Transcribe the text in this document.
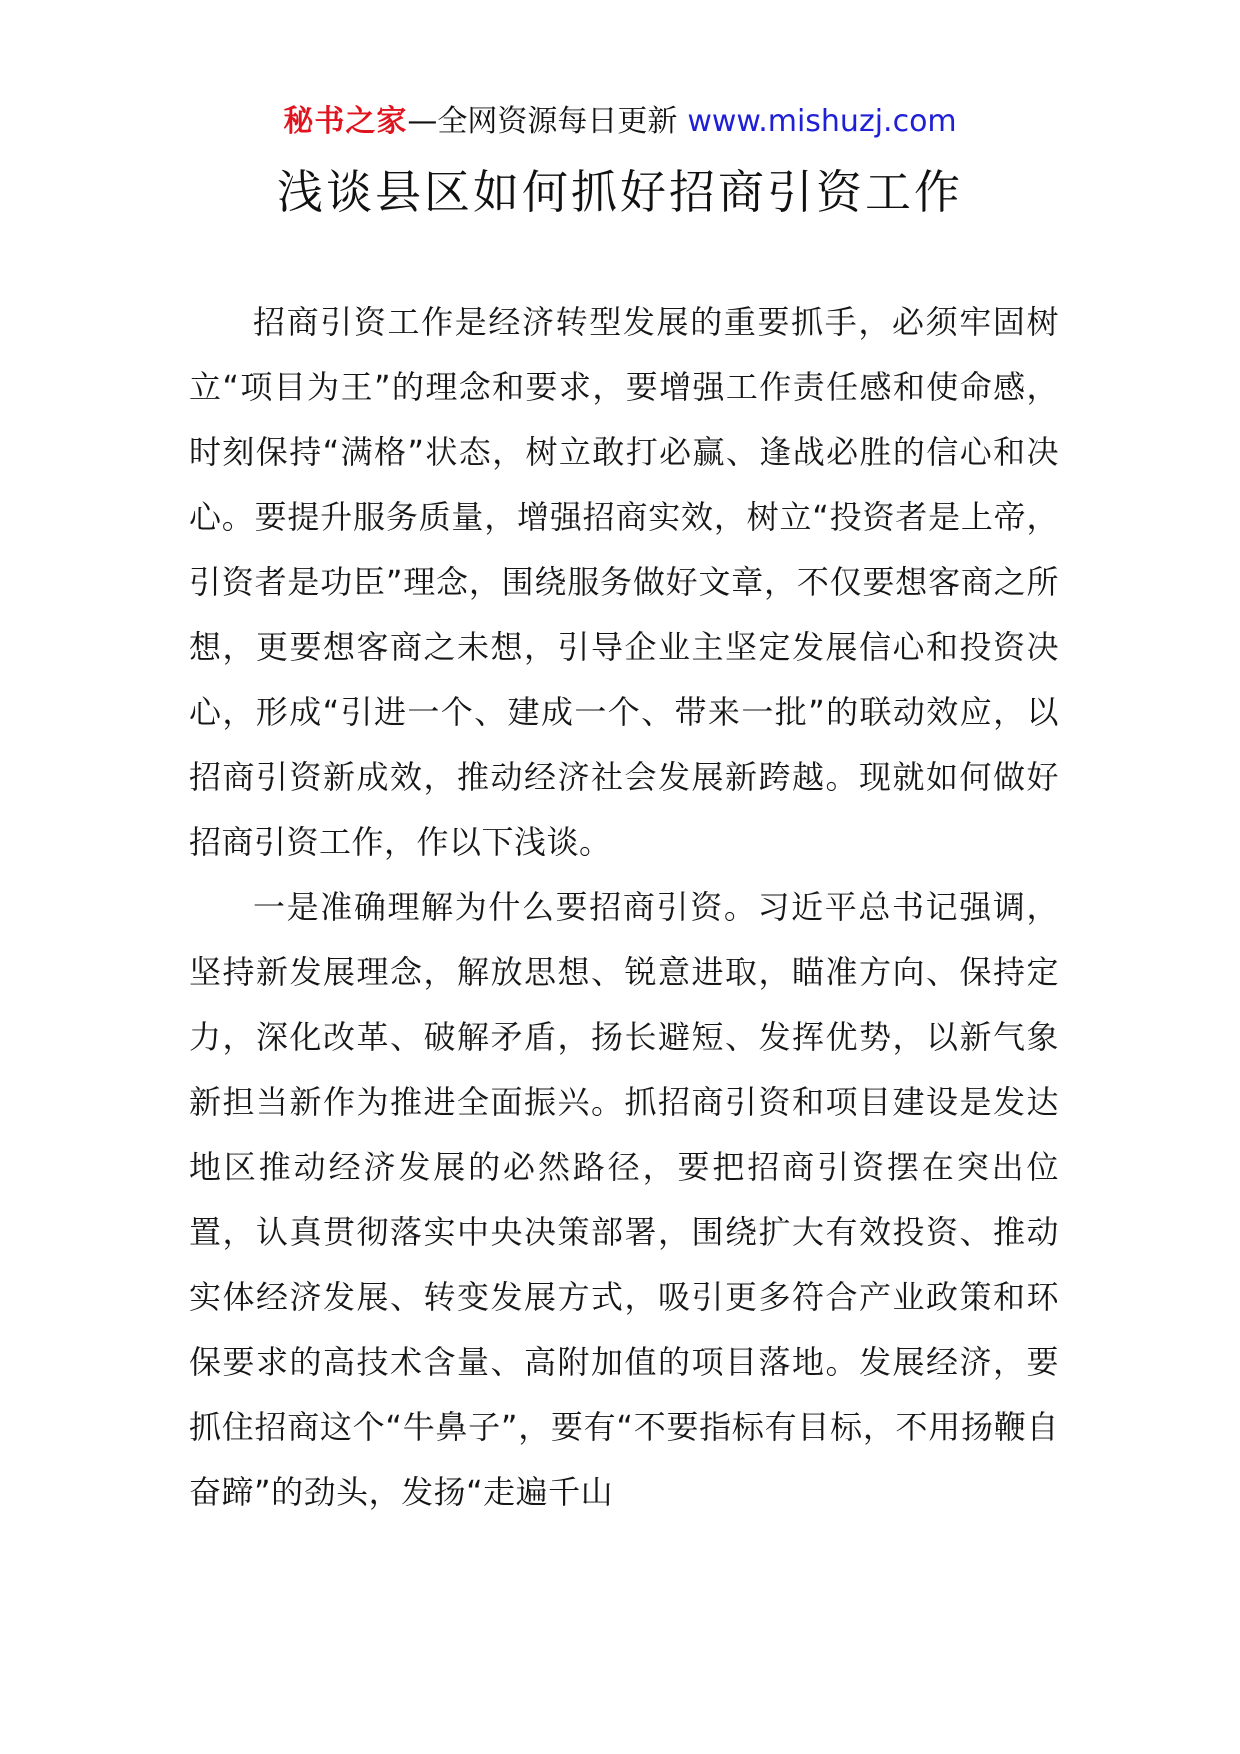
秘书之家—全网资源每日更新 www.mishuzj.com
浅谈县区如何抓好招商引资工作

招商引资工作是经济转型发展的重要抓手，必须牢固树立“项目为王”的理念和要求，要增强工作责任感和使命感，时刻保持“满格”状态，树立敢打必赢、逢战必胜的信心和决心。要提升服务质量，增强招商实效，树立“投资者是上帝，引资者是功臣”理念，围绕服务做好文章，不仅要想客商之所想，更要想客商之未想，引导企业主坚定发展信心和投资决心，形成“引进一个、建成一个、带来一批”的联动效应，以招商引资新成效，推动经济社会发展新跨越。现就如何做好招商引资工作，作以下浅谈。

一是准确理解为什么要招商引资。习近平总书记强调，坚持新发展理念，解放思想、锐意进取，瞄准方向、保持定力，深化改革、破解矛盾，扬长避短、发挥优势，以新气象新担当新作为推进全面振兴。抓招商引资和项目建设是发达地区推动经济发展的必然路径，要把招商引资摆在突出位置，认真贯彻落实中央决策部署，围绕扩大有效投资、推动实体经济发展、转变发展方式，吸引更多符合产业政策和环保要求的高技术含量、高附加值的项目落地。发展经济，要抓住招商这个“牛鼻子”，要有“不要指标有目标，不用扬鞭自奋蹄”的劲头，发扬“走遍千山
